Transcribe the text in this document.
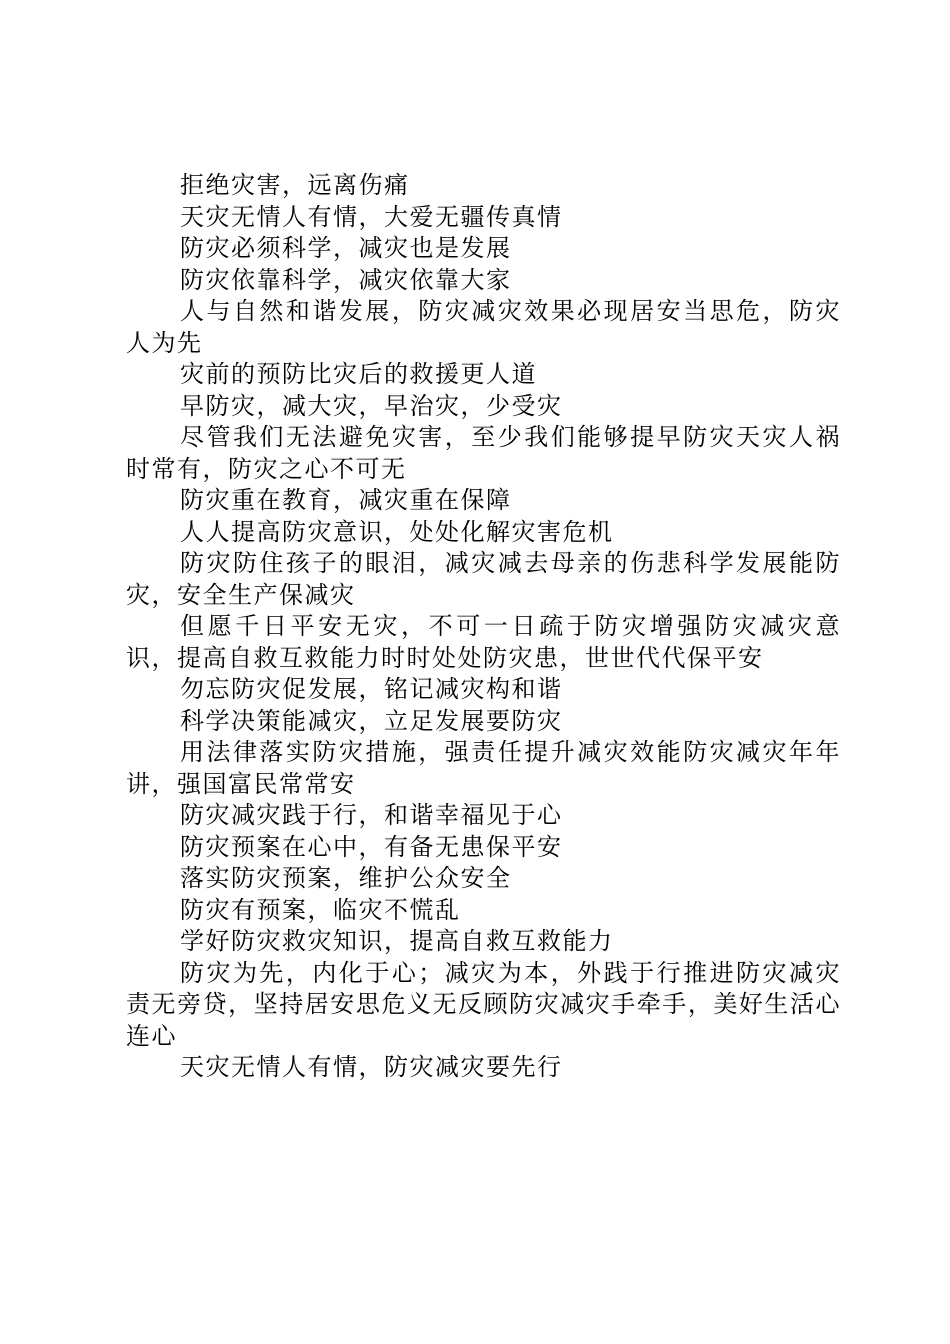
拒绝灾害，远离伤痛

天灾无情人有情，大爱无疆传真情

防灾必须科学，减灾也是发展

防灾依靠科学，减灾依靠大家

人与自然和谐发展，防灾减灾效果必现居安当思危，防灾人为先

灾前的预防比灾后的救援更人道

早防灾，减大灾，早治灾，少受灾

尽管我们无法避免灾害，至少我们能够提早防灾天灾人祸时常有，防灾之心不可无

防灾重在教育，减灾重在保障

人人提高防灾意识，处处化解灾害危机

防灾防住孩子的眼泪，减灾减去母亲的伤悲科学发展能防灾，安全生产保减灾

但愿千日平安无灾，不可一日疏于防灾增强防灾减灾意识，提高自救互救能力时时处处防灾患，世世代代保平安

勿忘防灾促发展，铭记减灾构和谐

科学决策能减灾，立足发展要防灾

用法律落实防灾措施，强责任提升减灾效能防灾减灾年年讲，强国富民常常安

防灾减灾践于行，和谐幸福见于心

防灾预案在心中，有备无患保平安

落实防灾预案，维护公众安全

防灾有预案，临灾不慌乱

学好防灾救灾知识，提高自救互救能力

防灾为先，内化于心；减灾为本，外践于行推进防灾减灾责无旁贷，坚持居安思危义无反顾防灾减灾手牵手，美好生活心连心

天灾无情人有情，防灾减灾要先行
